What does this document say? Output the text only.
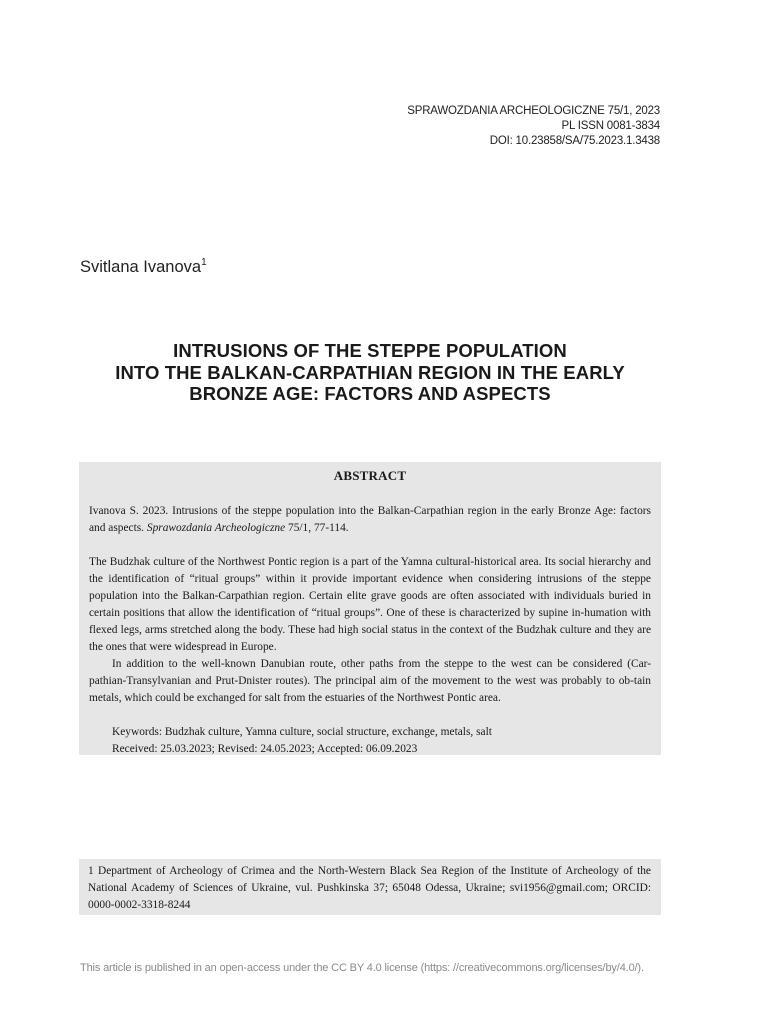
SPRAWOZDANIA ARCHEOLOGICZNE 75/1, 2023
PL ISSN 0081-3834
DOI: 10.23858/SA/75.2023.1.3438
Svitlana Ivanova$^1$
INTRUSIONS OF THE STEPPE POPULATION
INTO THE BALKAN-CARPATHIAN REGION IN THE EARLY
BRONZE AGE: FACTORS AND ASPECTS
ABSTRACT

Ivanova S. 2023. Intrusions of the steppe population into the Balkan-Carpathian region in the early Bronze Age: factors and aspects. Sprawozdania Archeologiczne 75/1, 77-114.

The Budzhak culture of the Northwest Pontic region is a part of the Yamna cultural-historical area. Its social hierarchy and the identification of “ritual groups” within it provide important evidence when considering intrusions of the steppe population into the Balkan-Carpathian region. Certain elite grave goods are often associated with individuals buried in certain positions that allow the identification of “ritual groups”. One of these is characterized by supine in-humation with flexed legs, arms stretched along the body. These had high social status in the context of the Budzhak culture and they are the ones that were widespread in Europe.

In addition to the well-known Danubian route, other paths from the steppe to the west can be considered (Car-pathian-Transylvanian and Prut-Dnister routes). The principal aim of the movement to the west was probably to ob-tain metals, which could be exchanged for salt from the estuaries of the Northwest Pontic area.

Keywords: Budzhak culture, Yamna culture, social structure, exchange, metals, salt

Received: 25.03.2023; Revised: 24.05.2023; Accepted: 06.09.2023

1 Department of Archeology of Crimea and the North-Western Black Sea Region of the Institute of Archeology of the National Academy of Sciences of Ukraine, vul. Pushkinska 37; 65048 Odessa, Ukraine; svi1956@gmail.com; ORCID: 0000-0002-3318-8244
This article is published in an open-access under the CC BY 4.0 license (https: //creativecommons.org/licenses/by/4.0/).
